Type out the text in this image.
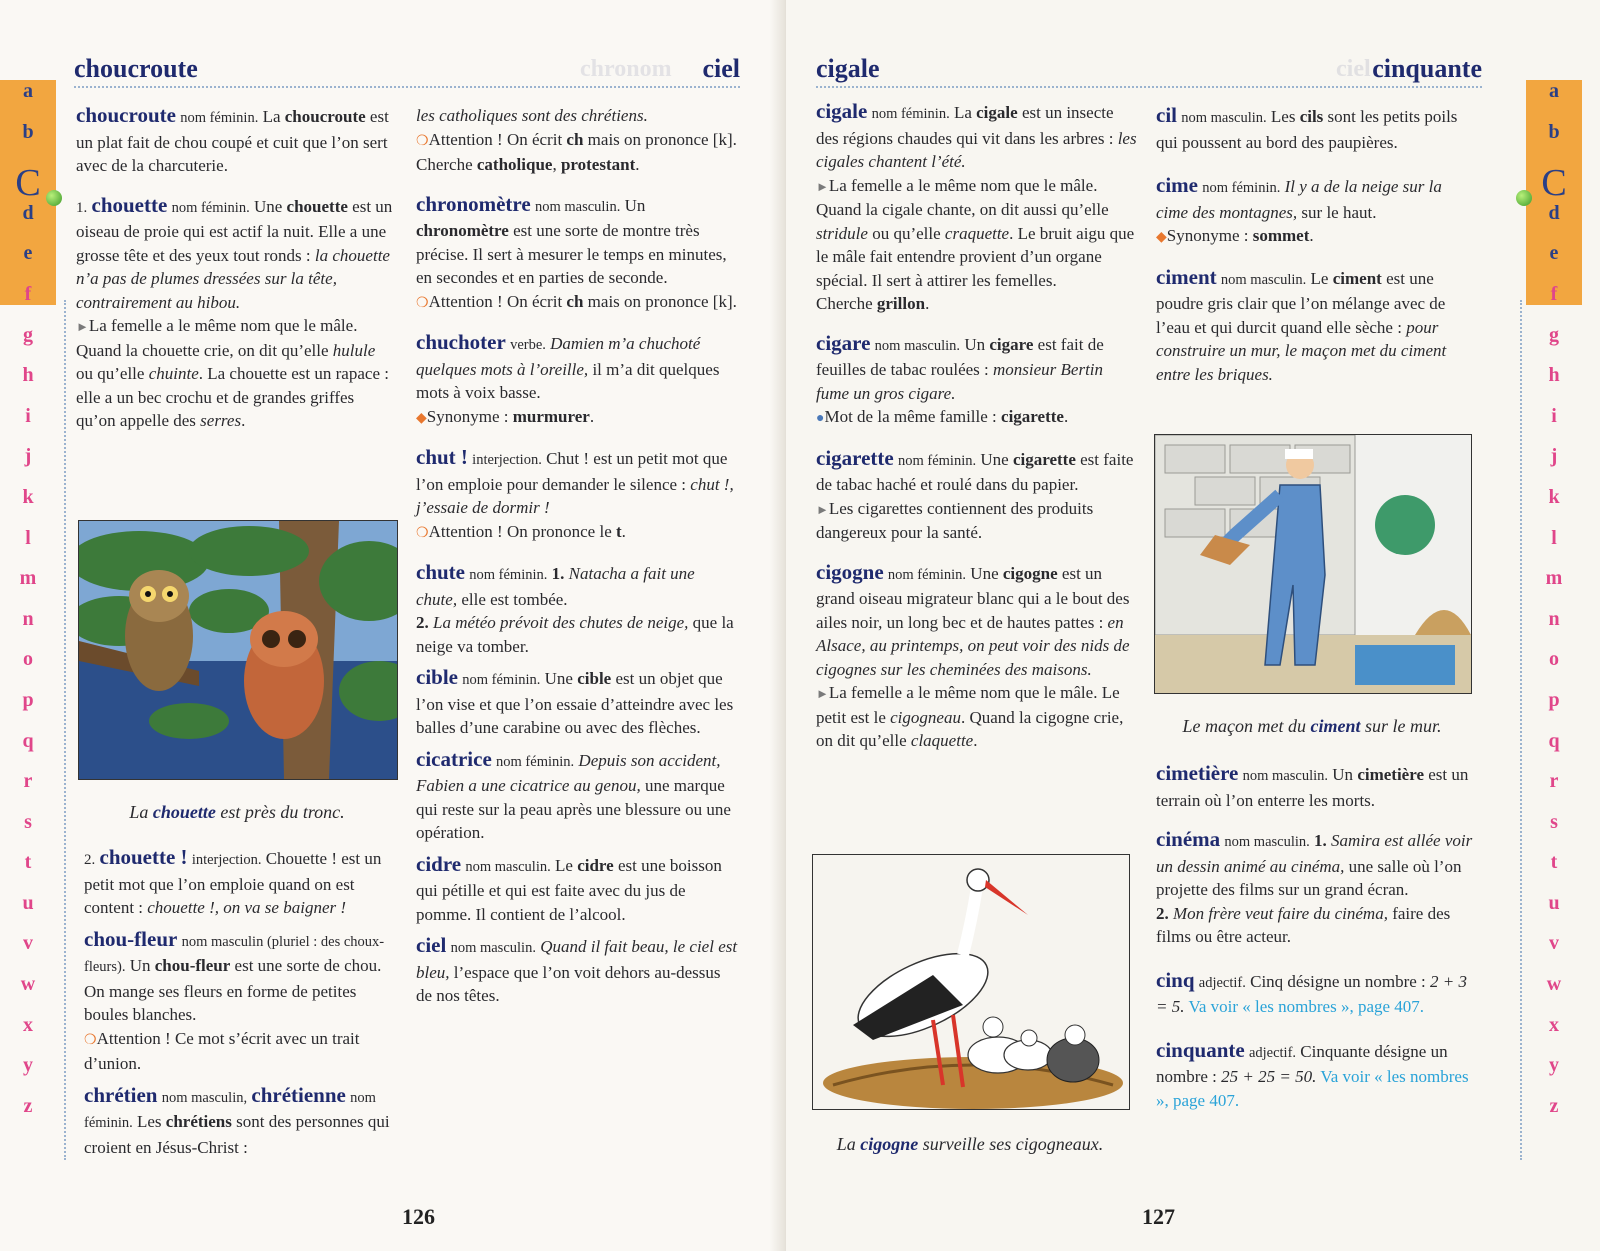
chronom
choucroute	ciel
a
b
C
d
e
f
g
h
i
j
k
l
m
n
o
p
q
r
s
t
u
v
w
x
y
z
choucroute nom féminin. La choucroute est un plat fait de chou coupé et cuit que l’on sert avec de la charcuterie.
1. chouette nom féminin. Une chouette est un oiseau de proie qui est actif la nuit. Elle a une grosse tête et des yeux tout ronds : la chouette n’a pas de plumes dressées sur la tête, contrairement au hibou.
►La femelle a le même nom que le mâle. Quand la chouette crie, on dit qu’elle hulule ou qu’elle chuinte. La chouette est un rapace : elle a un bec crochu et de grandes griffes qu’on appelle des serres.
La chouette est près du tronc.
2. chouette ! interjection. Chouette ! est un petit mot que l’on emploie quand on est content : chouette !, on va se baigner !
chou-fleur nom masculin (pluriel : des choux-fleurs). Un chou-fleur est une sorte de chou. On mange ses fleurs en forme de petites boules blanches.
❍Attention ! Ce mot s’écrit avec un trait d’union.
chrétien nom masculin, chrétienne nom féminin. Les chrétiens sont des personnes qui croient en Jésus-Christ :
les catholiques sont des chrétiens.
❍Attention ! On écrit ch mais on prononce [k].
Cherche catholique, protestant.
chronomètre nom masculin. Un chronomètre est une sorte de montre très précise. Il sert à mesurer le temps en minutes, en secondes et en parties de seconde.
❍Attention ! On écrit ch mais on prononce [k].
chuchoter verbe. Damien m’a chuchoté quelques mots à l’oreille, il m’a dit quelques mots à voix basse.
◆Synonyme : murmurer.
chut ! interjection. Chut ! est un petit mot que l’on emploie pour demander le silence : chut !, j’essaie de dormir !
❍Attention ! On prononce le t.
chute nom féminin. 1. Natacha a fait une chute, elle est tombée.
2. La météo prévoit des chutes de neige, que la neige va tomber.
cible nom féminin. Une cible est un objet que l’on vise et que l’on essaie d’atteindre avec les balles d’une carabine ou avec des flèches.
cicatrice nom féminin. Depuis son accident, Fabien a une cicatrice au genou, une marque qui reste sur la peau après une blessure ou une opération.
cidre nom masculin. Le cidre est une boisson qui pétille et qui est faite avec du jus de pomme. Il contient de l’alcool.
ciel nom masculin. Quand il fait beau, le ciel est bleu, l’espace que l’on voit dehors au-dessus de nos têtes.
126
ciel
cigale	cinquante
a
b
C
d
e
f
g
h
i
j
k
l
m
n
o
p
q
r
s
t
u
v
w
x
y
z
cigale nom féminin. La cigale est un insecte des régions chaudes qui vit dans les arbres : les cigales chantent l’été.
►La femelle a le même nom que le mâle. Quand la cigale chante, on dit aussi qu’elle stridule ou qu’elle craquette. Le bruit aigu que le mâle fait entendre provient d’un organe spécial. Il sert à attirer les femelles.
Cherche grillon.
cigare nom masculin. Un cigare est fait de feuilles de tabac roulées : monsieur Bertin fume un gros cigare.
●Mot de la même famille : cigarette.
cigarette nom féminin. Une cigarette est faite de tabac haché et roulé dans du papier.
►Les cigarettes contiennent des produits dangereux pour la santé.
cigogne nom féminin. Une cigogne est un grand oiseau migrateur blanc qui a le bout des ailes noir, un long bec et de hautes pattes : en Alsace, au printemps, on peut voir des nids de cigognes sur les cheminées des maisons.
►La femelle a le même nom que le mâle. Le petit est le cigogneau. Quand la cigogne crie, on dit qu’elle claquette.
La cigogne surveille ses cigogneaux.
cil nom masculin. Les cils sont les petits poils qui poussent au bord des paupières.
cime nom féminin. Il y a de la neige sur la cime des montagnes, sur le haut.
◆Synonyme : sommet.
ciment nom masculin. Le ciment est une poudre gris clair que l’on mélange avec de l’eau et qui durcit quand elle sèche : pour construire un mur, le maçon met du ciment entre les briques.
Le maçon met du ciment sur le mur.
cimetière nom masculin. Un cimetière est un terrain où l’on enterre les morts.
cinéma nom masculin. 1. Samira est allée voir un dessin animé au cinéma, une salle où l’on projette des films sur un grand écran.
2. Mon frère veut faire du cinéma, faire des films ou être acteur.
cinq adjectif. Cinq désigne un nombre : 2 + 3 = 5. Va voir « les nombres », page 407.
cinquante adjectif. Cinquante désigne un nombre : 25 + 25 = 50. Va voir « les nombres », page 407.
127
